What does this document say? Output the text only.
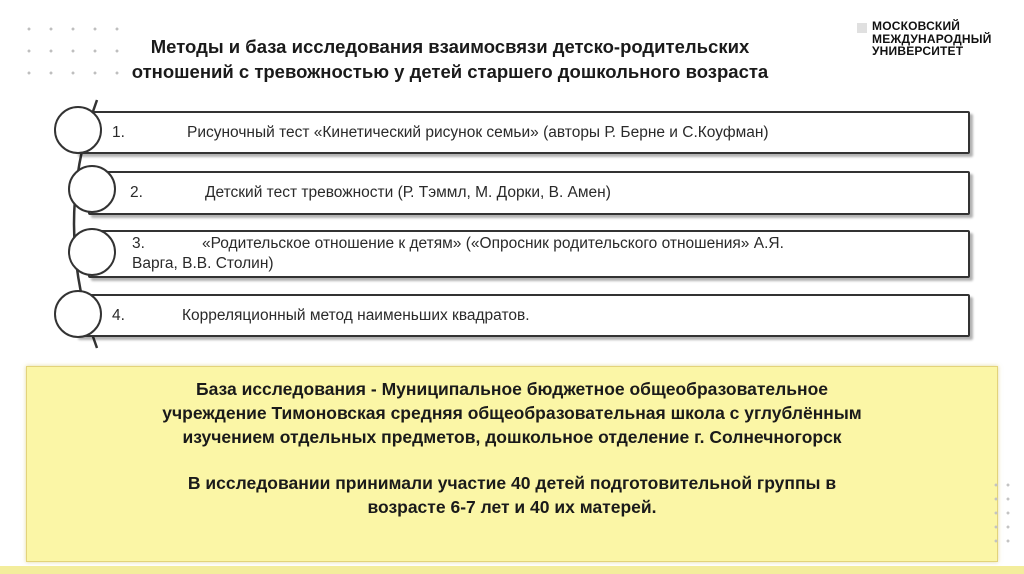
Методы и база исследования взаимосвязи детско-родительских
отношений с тревожностью у детей старшего дошкольного возраста
МОСКОВСКИЙ
МЕЖДУНАРОДНЫЙ
УНИВЕРСИТЕТ
1.	Рисуночный тест «Кинетический рисунок семьи» (авторы Р. Берне и С.Коуфман)
2.	Детский тест тревожности (Р. Тэммл, М. Дорки, В. Амен)
3.	«Родительское отношение к детям» («Опросник родительского отношения» А.Я.
Варга, В.В. Столин)
4.	Корреляционный метод наименьших квадратов.

База исследования - Муниципальное бюджетное общеобразовательное

учреждение Тимоновская средняя общеобразовательная школа с углублённым

изучением отдельных предметов, дошкольное отделение г. Солнечногорск

В исследовании принимали участие 40 детей подготовительной группы в

возрасте 6-7 лет и 40 их матерей.
